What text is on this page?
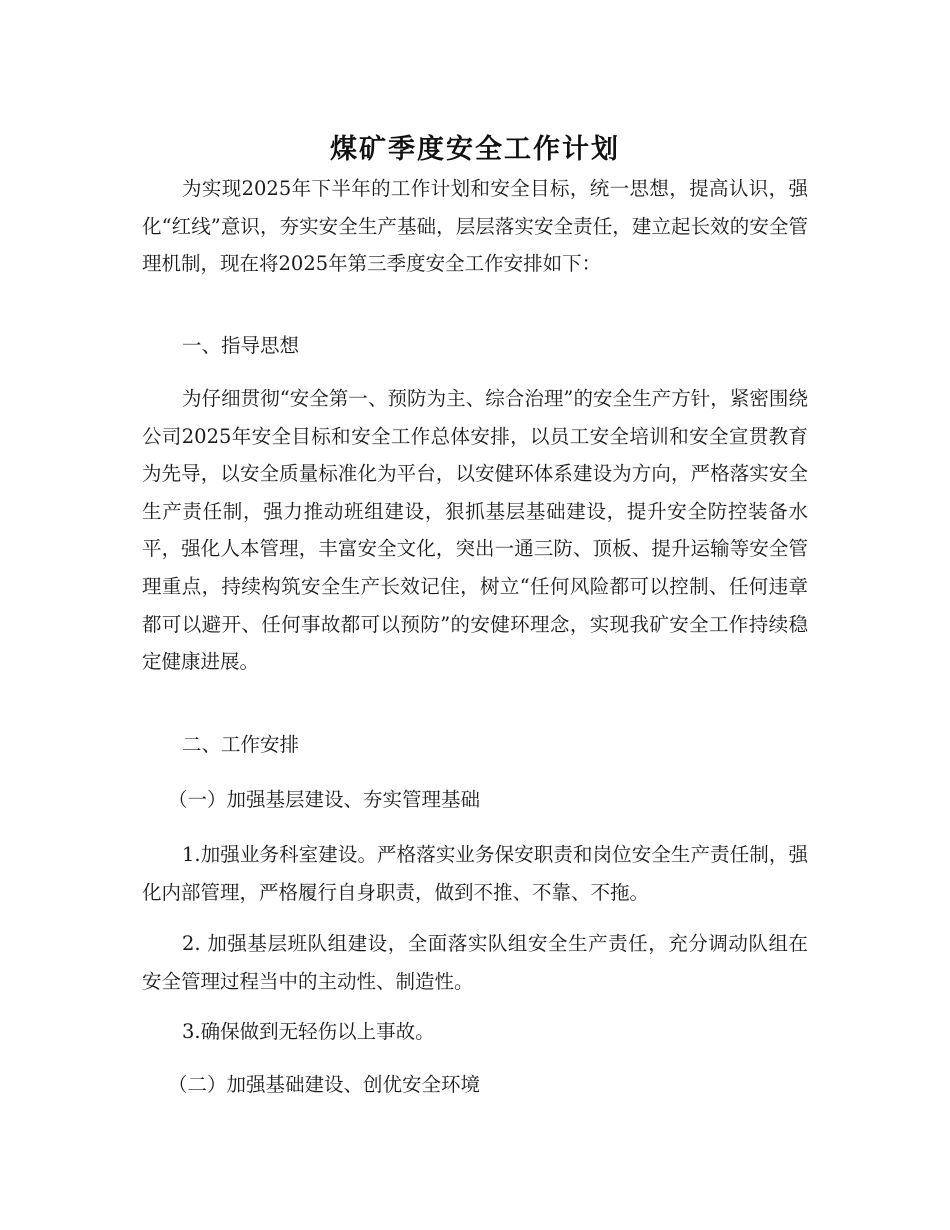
煤矿季度安全工作计划

为实现2025年下半年的工作计划和安全目标，统一思想，提高认识，强化“红线”意识，夯实安全生产基础，层层落实安全责任，建立起长效的安全管理机制，现在将2025年第三季度安全工作安排如下：

一、指导思想

为仔细贯彻“安全第一、预防为主、综合治理”的安全生产方针，紧密围绕公司2025年安全目标和安全工作总体安排，以员工安全培训和安全宣贯教育为先导，以安全质量标准化为平台，以安健环体系建设为方向，严格落实安全生产责任制，强力推动班组建设，狠抓基层基础建设，提升安全防控装备水平，强化人本管理，丰富安全文化，突出一通三防、顶板、提升运输等安全管理重点，持续构筑安全生产长效记住，树立“任何风险都可以控制、任何违章都可以避开、任何事故都可以预防”的安健环理念，实现我矿安全工作持续稳定健康进展。

二、工作安排

（一）加强基层建设、夯实管理基础

1.加强业务科室建设。严格落实业务保安职责和岗位安全生产责任制，强化内部管理，严格履行自身职责，做到不推、不靠、不拖。

2. 加强基层班队组建设，全面落实队组安全生产责任，充分调动队组在安全管理过程当中的主动性、制造性。

3.确保做到无轻伤以上事故。

（二）加强基础建设、创优安全环境
